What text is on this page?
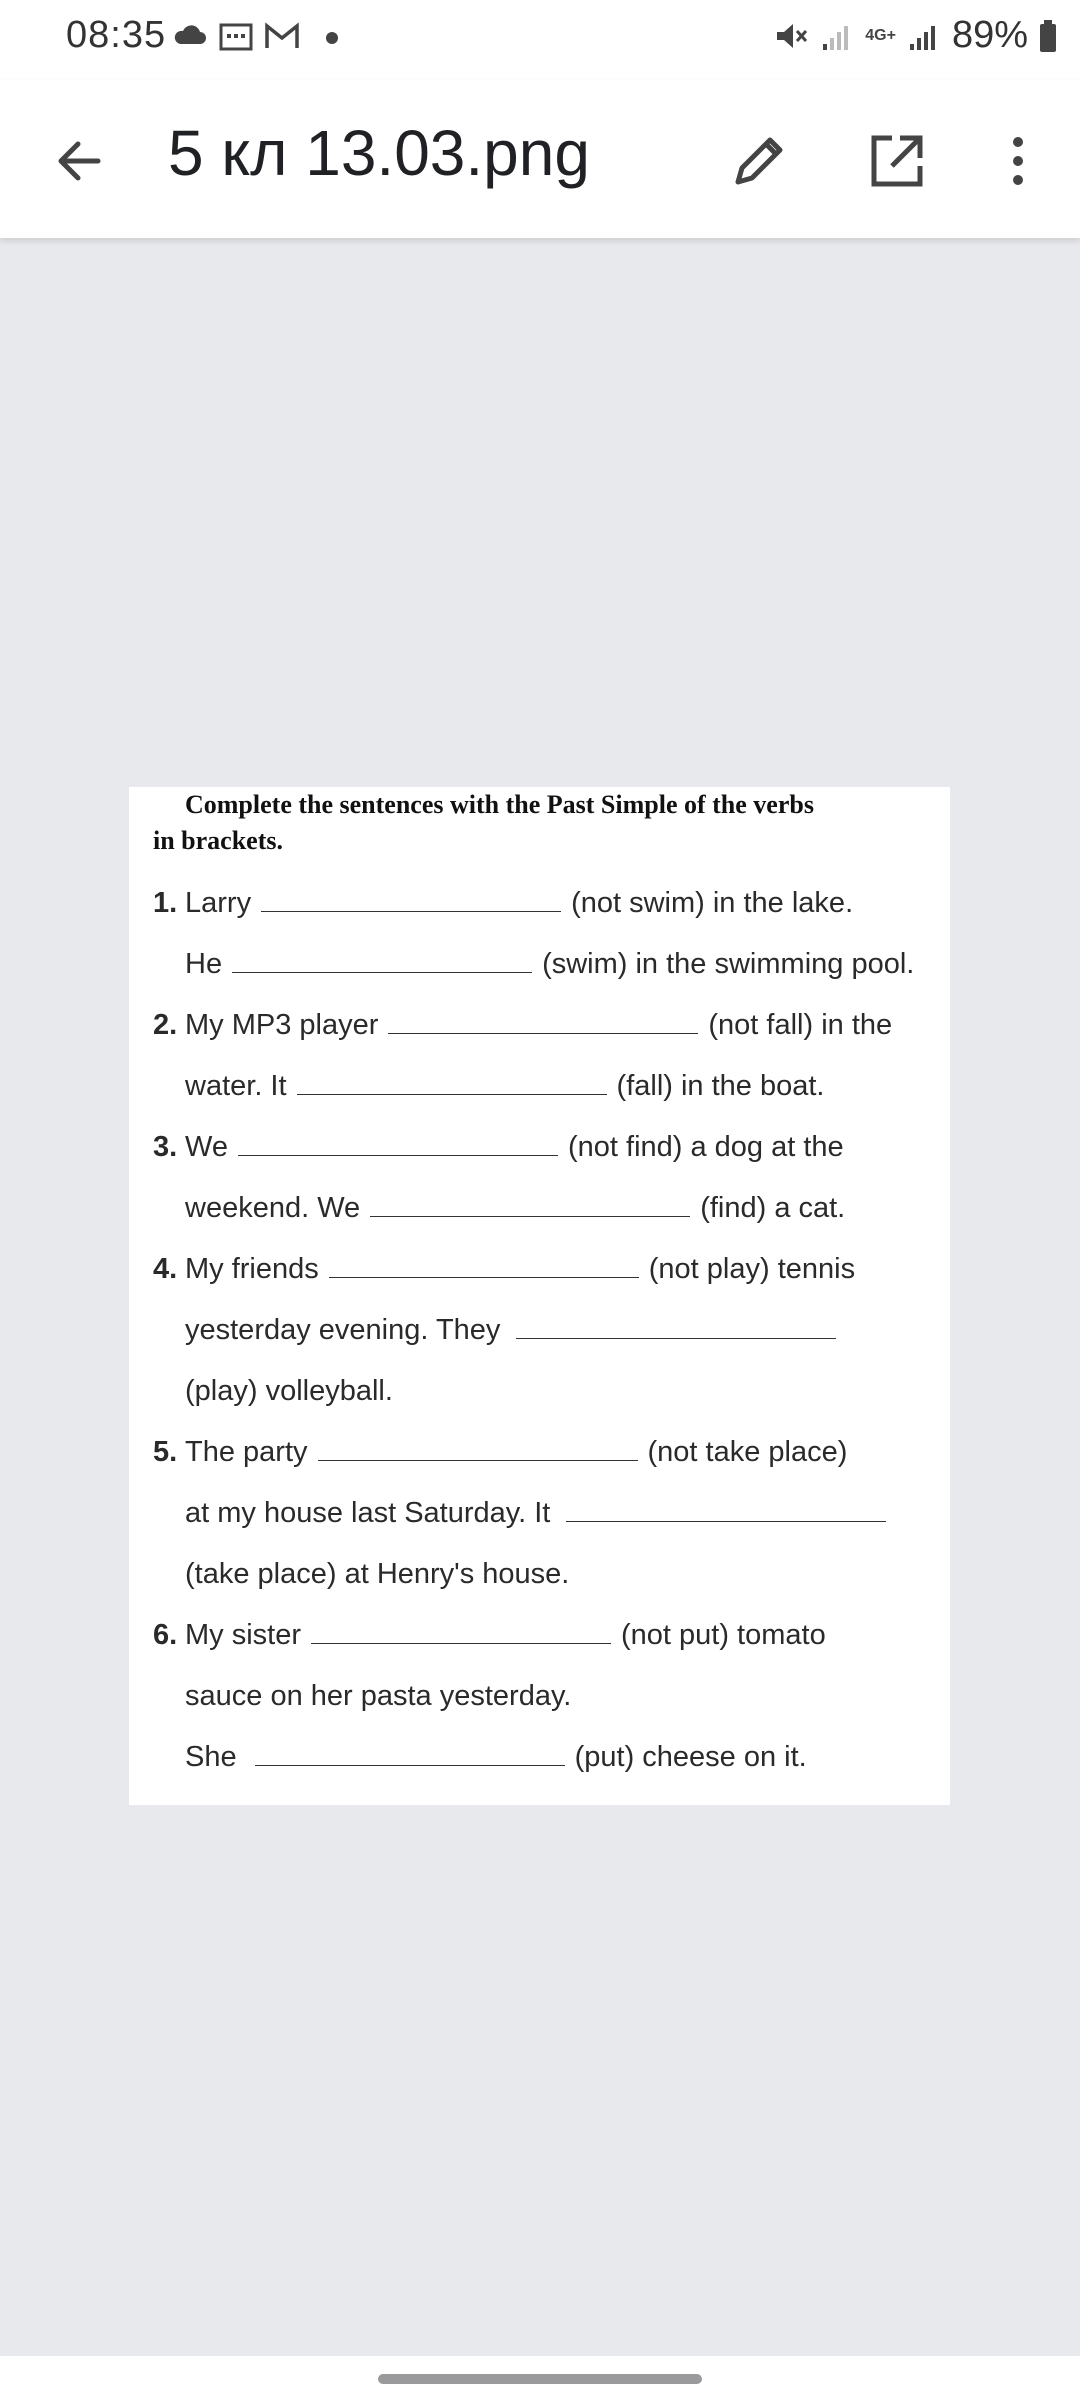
08:35	4G+ 89%
5 кл 13.03.png
Complete the sentences with the Past Simple of the verbs
in brackets.
1. Larry	(not swim) in the lake.
He	(swim) in the swimming pool.
2. My MP3 player	(not fall) in the
water. It	(fall) in the boat.
3. We	(not find) a dog at the
weekend. We	(find) a cat.
4. My friends	(not play) tennis
yesterday evening. They
(play) volleyball.
5. The party	(not take place)
at my house last Saturday. It
(take place) at Henry's house.
6. My sister	(not put) tomato
sauce on her pasta yesterday.
She	(put) cheese on it.
